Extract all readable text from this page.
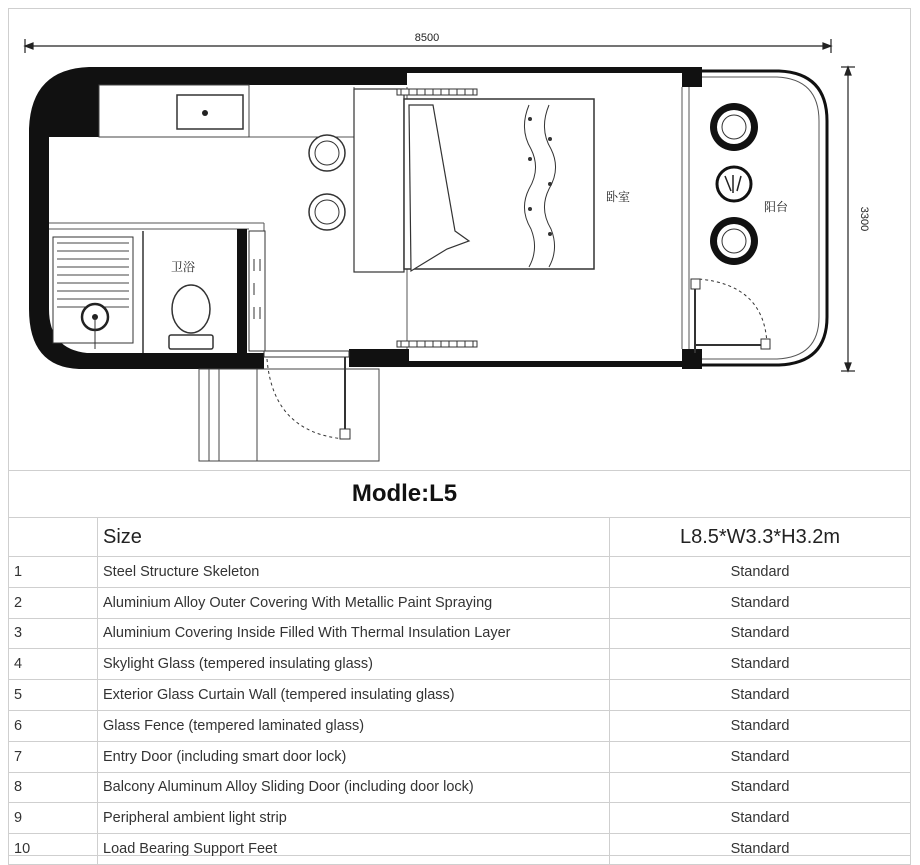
8500
3300
卧室
卫浴
阳台
Modle:L5
	Size	L8.5*W3.3*H3.2m
1	Steel Structure Skeleton	Standard
2	Aluminium Alloy Outer Covering With Metallic Paint Spraying	Standard
3	Aluminium Covering Inside Filled With Thermal Insulation Layer	Standard
4	Skylight Glass (tempered insulating glass)	Standard
5	Exterior Glass Curtain Wall (tempered insulating glass)	Standard
6	Glass Fence (tempered laminated glass)	Standard
7	Entry Door (including smart door lock)	Standard
8	Balcony Aluminum Alloy Sliding Door (including door lock)	Standard
9	Peripheral ambient light strip	Standard
10	Load Bearing Support Feet	Standard
